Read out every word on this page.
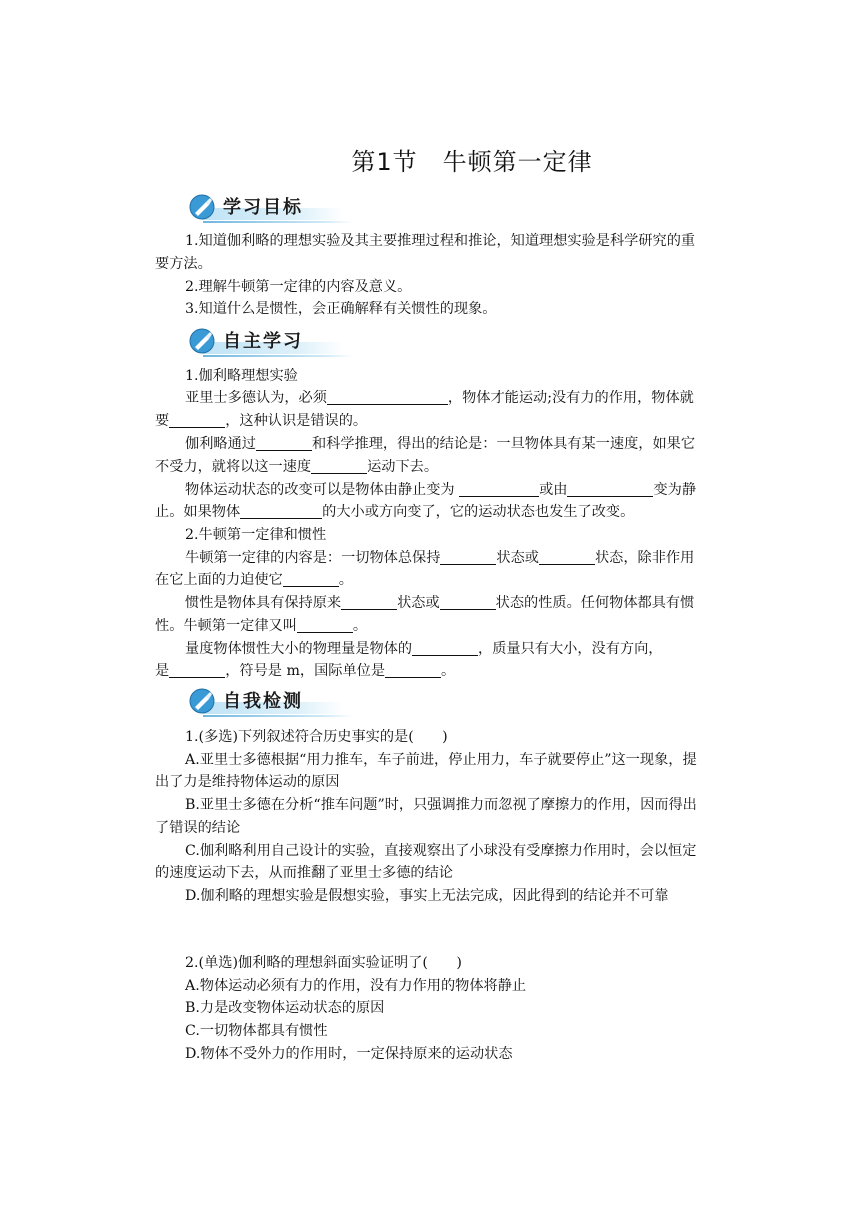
第1节　牛顿第一定律
学习目标
1.知道伽利略的理想实验及其主要推理过程和推论，知道理想实验是科学研究的重
要方法。
2.理解牛顿第一定律的内容及意义。
3.知道什么是惯性，会正确解释有关惯性的现象。
自主学习
1.伽利略理想实验
亚里士多德认为，必须	，物体才能运动;没有力的作用，物体就
要	，这种认识是错误的。
伽利略通过	和科学推理，得出的结论是：一旦物体具有某一速度，如果它
不受力，就将以这一速度	运动下去。
物体运动状态的改变可以是物体由静止变为	或由	变为静
止。如果物体	的大小或方向变了，它的运动状态也发生了改变。
2.牛顿第一定律和惯性
牛顿第一定律的内容是：一切物体总保持	状态或	状态，除非作用
在它上面的力迫使它	。
惯性是物体具有保持原来	状态或	状态的性质。任何物体都具有惯
性。牛顿第一定律又叫	。
量度物体惯性大小的物理量是物体的	，质量只有大小，没有方向，
是	，符号是 m，国际单位是	。
自我检测
1.(多选)下列叙述符合历史事实的是(　　)
A.亚里士多德根据“用力推车，车子前进，停止用力，车子就要停止”这一现象，提
出了力是维持物体运动的原因
B.亚里士多德在分析“推车问题”时，只强调推力而忽视了摩擦力的作用，因而得出
了错误的结论
C.伽利略利用自己设计的实验，直接观察出了小球没有受摩擦力作用时，会以恒定
的速度运动下去，从而推翻了亚里士多德的结论
D.伽利略的理想实验是假想实验，事实上无法完成，因此得到的结论并不可靠
2.(单选)伽利略的理想斜面实验证明了(　　)
A.物体运动必须有力的作用，没有力作用的物体将静止
B.力是改变物体运动状态的原因
C.一切物体都具有惯性
D.物体不受外力的作用时，一定保持原来的运动状态
